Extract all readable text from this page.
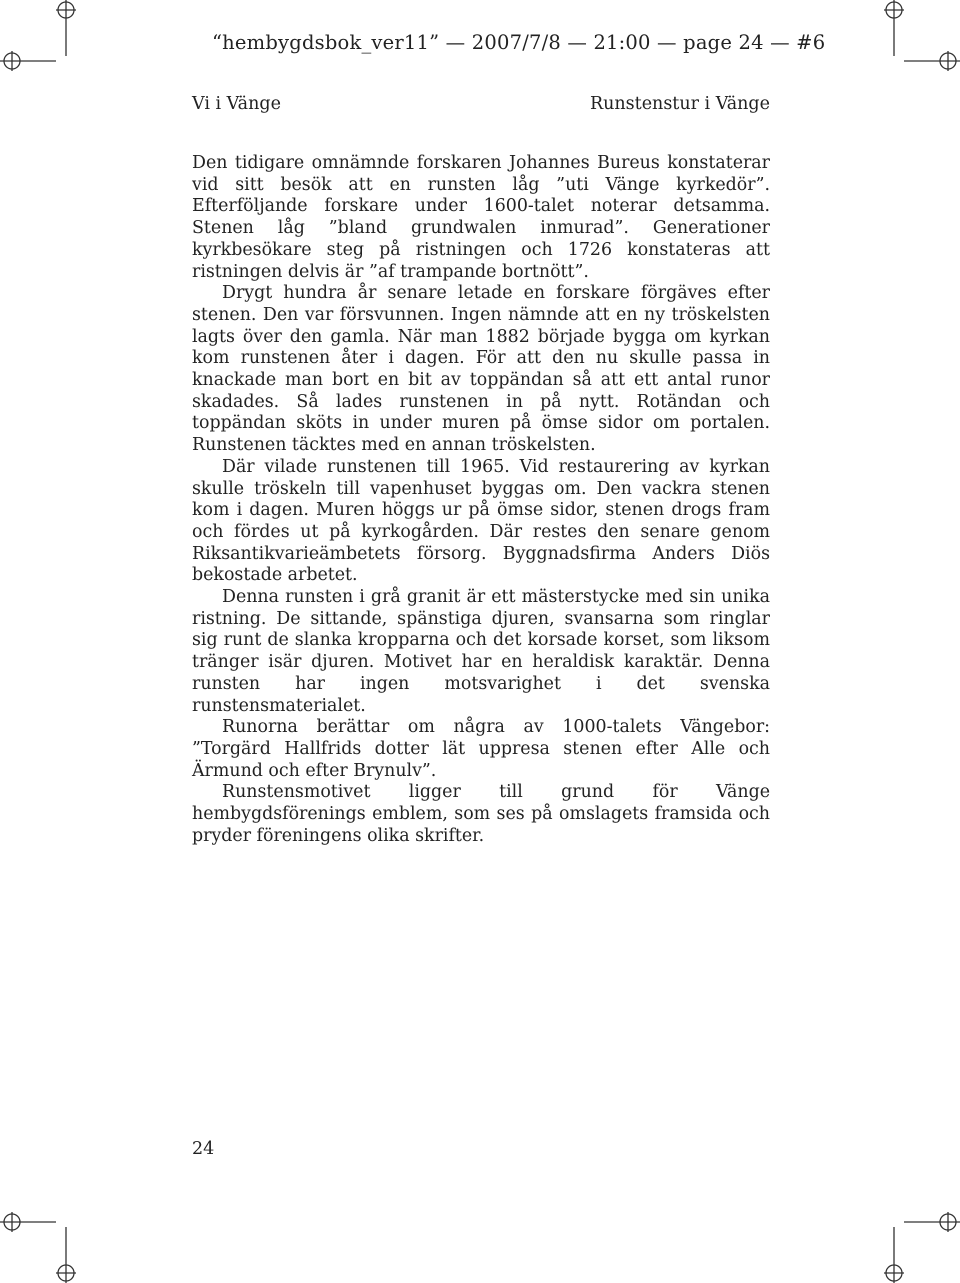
“hembygdsbok_ver11” — 2007/7/8 — 21:00 — page 24 — #6
Vi i Vänge	Runstenstur i Vänge

Den tidigare omnämnde forskaren Johannes Bureus konstaterar vid sitt besök att en runsten låg ”uti Vänge kyrkedör”. Efterföljande forskare under 1600-talet noterar detsamma. Stenen låg ”bland grundwalen inmurad”. Generationer kyrkbesökare steg på ristningen och 1726 konstateras att ristningen delvis är ”af trampande bortnött”.

Drygt hundra år senare letade en forskare förgäves efter stenen. Den var försvunnen. Ingen nämnde att en ny tröskelsten lagts över den gamla. När man 1882 började bygga om kyrkan kom runstenen åter i dagen. För att den nu skulle passa in knackade man bort en bit av toppändan så att ett antal runor skadades. Så lades runstenen in på nytt. Rotändan och toppändan sköts in under muren på ömse sidor om portalen. Runstenen täcktes med en annan tröskelsten.

Där vilade runstenen till 1965. Vid restaurering av kyrkan skulle tröskeln till vapenhuset byggas om. Den vackra stenen kom i dagen. Muren höggs ur på ömse sidor, stenen drogs fram och fördes ut på kyrkogården. Där restes den senare genom Riksantikvarieämbetets försorg. Byggnadsfirma Anders Diös bekostade arbetet.

Denna runsten i grå granit är ett mästerstycke med sin unika ristning. De sittande, spänstiga djuren, svansarna som ringlar sig runt de slanka kropparna och det korsade korset, som liksom tränger isär djuren. Motivet har en heraldisk karaktär. Denna runsten har ingen motsvarighet i det svenska runstensmaterialet.

Runorna berättar om några av 1000-talets Vängebor: ”Torgärd Hallfrids dotter lät uppresa stenen efter Alle och Ärmund och efter Brynulv”.

Runstensmotivet ligger till grund för Vänge hembygdsförenings emblem, som ses på omslagets framsida och pryder föreningens olika skrifter.

24
